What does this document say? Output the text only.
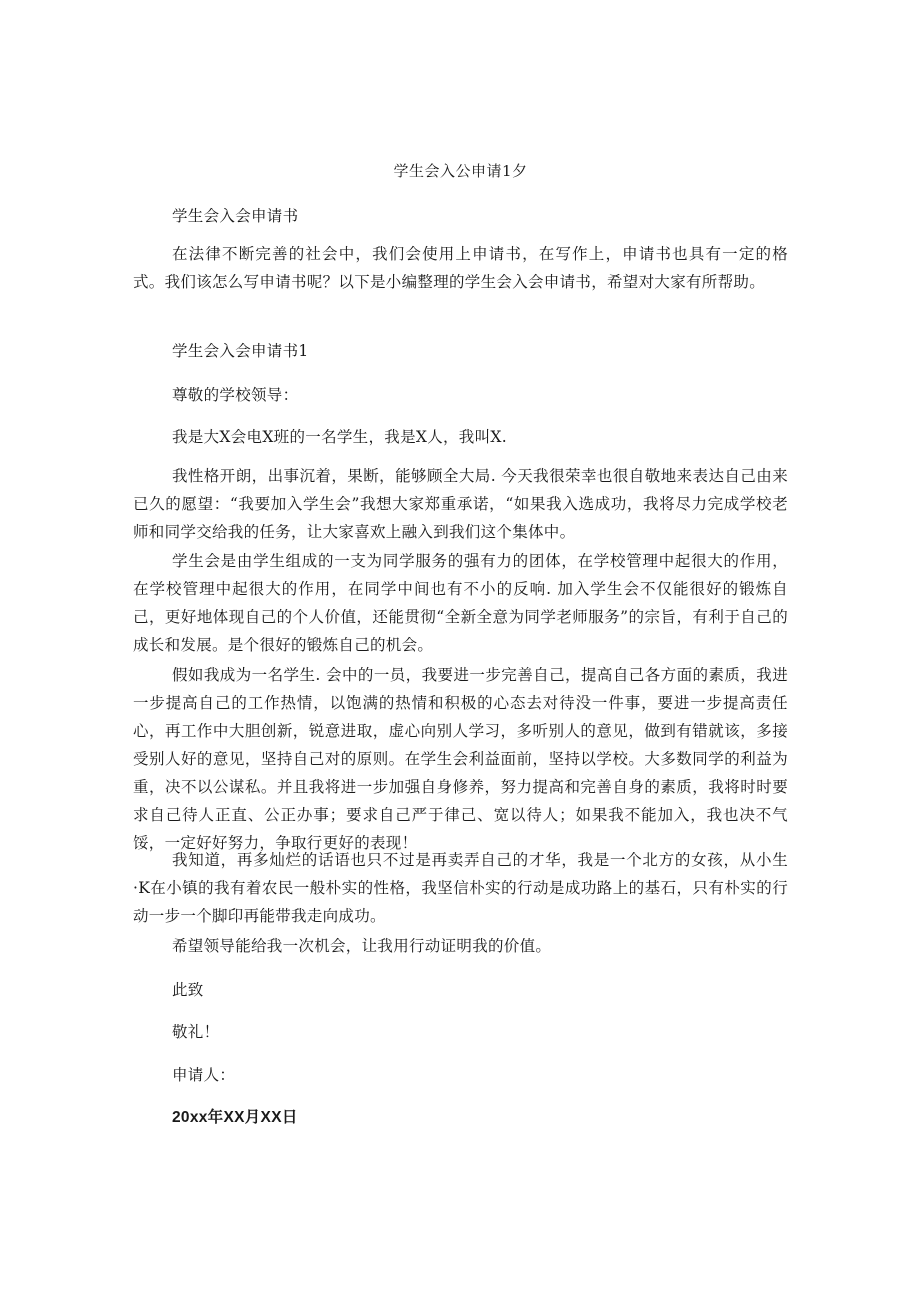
学生会入公申请1夕
学生会入会申请书
在法律不断完善的社会中，我们会使用上申请书，在写作上，申请书也具有一定的格式。我们该怎么写申请书呢？以下是小编整理的学生会入会申请书，希望对大家有所帮助。
学生会入会申请书1
尊敬的学校领导：
我是大X会电X班的一名学生，我是X人，我叫X.
我性格开朗，出事沉着，果断，能够顾全大局. 今天我很荣幸也很自敬地来表达自己由来已久的愿望：“我要加入学生会”我想大家郑重承诺，“如果我入选成功，我将尽力完成学校老师和同学交给我的任务，让大家喜欢上融入到我们这个集体中。
学生会是由学生组成的一支为同学服务的强有力的团体，在学校管理中起很大的作用，在学校管理中起很大的作用，在同学中间也有不小的反响. 加入学生会不仅能很好的锻炼自己，更好地体现自己的个人价值，还能贯彻“全新全意为同学老师服务”的宗旨，有利于自己的成长和发展。是个很好的锻炼自己的机会。
假如我成为一名学生. 会中的一员，我要进一步完善自己，提高自己各方面的素质，我进一步提高自己的工作热情，以饱满的热情和积极的心态去对待没一件事，要进一步提高责任心，再工作中大胆创新，锐意进取，虚心向别人学习，多听别人的意见，做到有错就该，多接受别人好的意见，坚持自己对的原则。在学生会利益面前，坚持以学校。大多数同学的利益为重，决不以公谋私。并且我将进一步加强自身修养，努力提高和完善自身的素质，我将时时要求自己待人正直、公正办事；要求自己严于律己、宽以待人；如果我不能加入，我也决不气馁，一定好好努力，争取行更好的表现！
我知道，再多灿烂的话语也只不过是再卖弄自己的才华，我是一个北方的女孩，从小生·K在小镇的我有着农民一般朴实的性格，我坚信朴实的行动是成功路上的基石，只有朴实的行动一步一个脚印再能带我走向成功。
希望领导能给我一次机会，让我用行动证明我的价值。
此致
敬礼！
申请人：
20xx年XX月XX日
